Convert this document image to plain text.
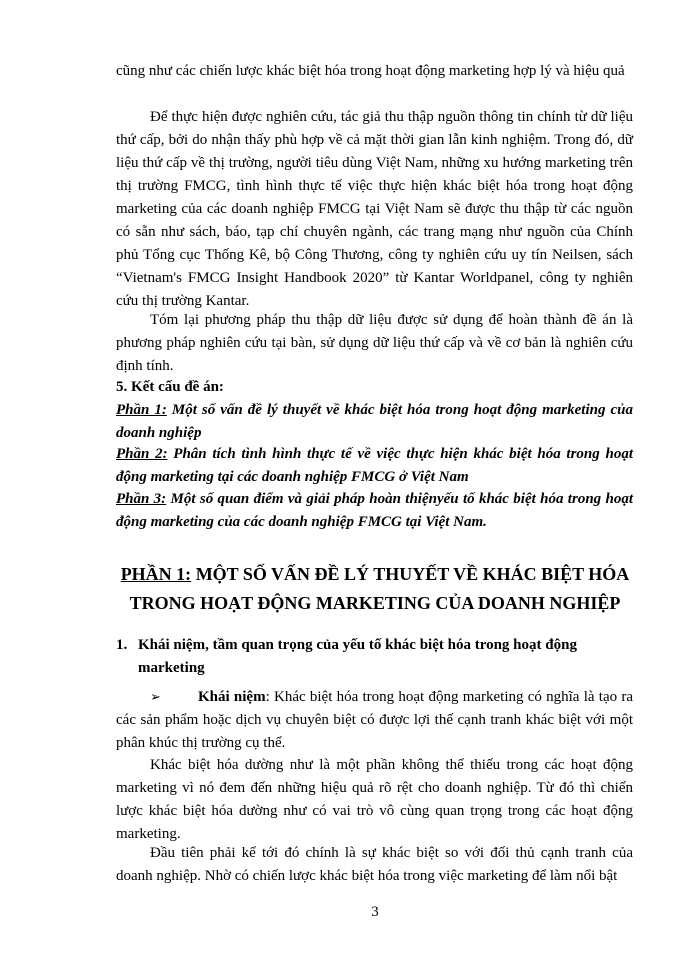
cũng như các chiến lược khác biệt hóa trong hoạt động marketing hợp lý và hiệu quả
Để thực hiện được nghiên cứu, tác giả thu thập nguồn thông tin chính từ dữ liệu thứ cấp, bởi do nhận thấy phù hợp về cả mặt thời gian lẫn kinh nghiệm. Trong đó, dữ liệu thứ cấp về thị trường, người tiêu dùng Việt Nam, những xu hướng marketing trên thị trường FMCG, tình hình thực tế việc thực hiện khác biệt hóa trong hoạt động marketing của các doanh nghiệp FMCG tại Việt Nam sẽ được thu thập từ các nguồn có sẵn như sách, báo, tạp chí chuyên ngành, các trang mạng như nguồn của Chính phủ Tổng cục Thống Kê, bộ Công Thương, công ty nghiên cứu uy tín Neilsen, sách “Vietnam's FMCG Insight Handbook 2020” từ Kantar Worldpanel, công ty nghiên cứu thị trường Kantar.
Tóm lại phương pháp thu thập dữ liệu được sử dụng để hoàn thành đề án là phương pháp nghiên cứu tại bàn, sử dụng dữ liệu thứ cấp và về cơ bản là nghiên cứu định tính.
5. Kết cấu đề án:
Phần 1: Một số vấn đề lý thuyết về khác biệt hóa trong hoạt động marketing của doanh nghiệp
Phần 2: Phân tích tình hình thực tế về việc thực hiện khác biệt hóa trong hoạt động marketing tại các doanh nghiệp FMCG ở Việt Nam
Phần 3: Một số quan điểm và giải pháp hoàn thiệnyếu tố khác biệt hóa trong hoạt động marketing của các doanh nghiệp FMCG tại Việt Nam.
PHẦN 1: MỘT SỐ VẤN ĐỀ LÝ THUYẾT VỀ KHÁC BIỆT HÓA TRONG HOẠT ĐỘNG MARKETING CỦA DOANH NGHIỆP
1. Khái niệm, tầm quan trọng của yếu tố khác biệt hóa trong hoạt động
marketing
➢ Khái niệm: Khác biệt hóa trong hoạt động marketing có nghĩa là tạo ra các sản phẩm hoặc dịch vụ chuyên biệt có được lợi thế cạnh tranh khác biệt với một phân khúc thị trường cụ thể.
Khác biệt hóa dường như là một phần không thể thiếu trong các hoạt động marketing vì nó đem đến những hiệu quả rõ rệt cho doanh nghiệp. Từ đó thì chiến lược khác biệt hóa dường như có vai trò vô cùng quan trọng trong các hoạt động marketing.
Đầu tiên phải kể tới đó chính là sự khác biệt so với đối thủ cạnh tranh của doanh nghiệp. Nhờ có chiến lược khác biệt hóa trong việc marketing để làm nổi bật
3
